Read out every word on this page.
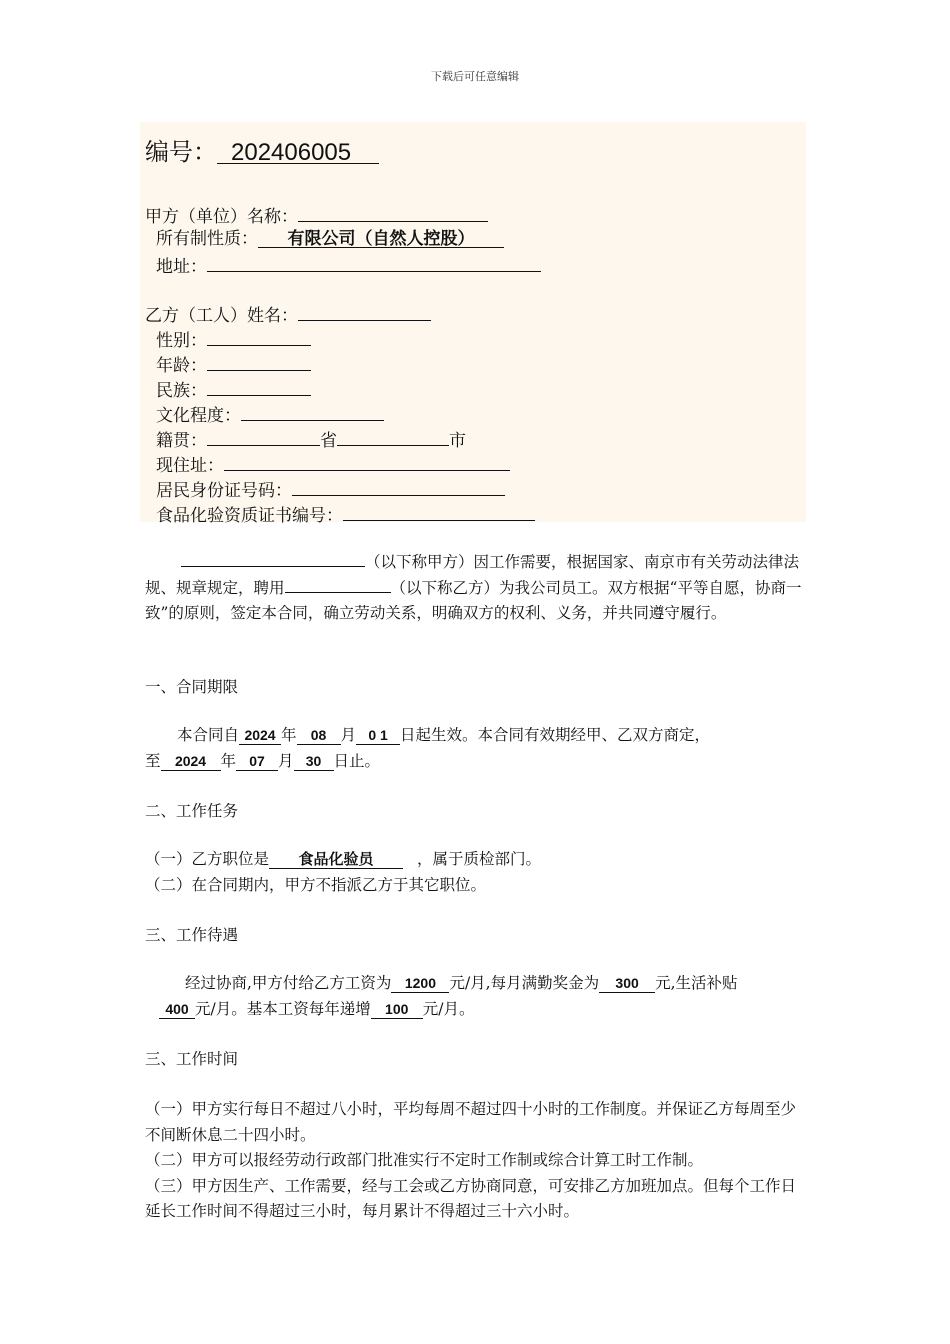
下载后可任意编辑
编号： 202406005
甲方（单位）名称：
所有制性质： 有限公司（自然人控股）
地址：
乙方（工人）姓名：
性别：
年龄：
民族：
文化程度：
籍贯：	省	市
现住址：
居民身份证号码：
食品化验资质证书编号：
（以下称甲方）因工作需要，根据国家、南京市有关劳动法律法规、规章规定，聘用	（以下称乙方）为我公司员工。双方根据“平等自愿，协商一致”的原则，签定本合同，确立劳动关系，明确双方的权利、义务，并共同遵守履行。
一、合同期限
本合同自 2024 年 08 月 0 1 日起生效。本合同有效期经甲、乙双方商定，
至 2024 年 07 月 30 日止。
二、工作任务
（一）乙方职位是 食品化验员	，属于质检部门。
（二）在合同期内，甲方不指派乙方于其它职位。
三、工作待遇
经过协商,甲方付给乙方工资为 1200 元/月,每月满勤奖金为 300 元,生活补贴
400 元/月。基本工资每年递增 100 元/月。
三、工作时间
（一）甲方实行每日不超过八小时，平均每周不超过四十小时的工作制度。并保证乙方每周至少不间断休息二十四小时。
（二）甲方可以报经劳动行政部门批准实行不定时工作制或综合计算工时工作制。
（三）甲方因生产、工作需要，经与工会或乙方协商同意，可安排乙方加班加点。但每个工作日延长工作时间不得超过三小时，每月累计不得超过三十六小时。
